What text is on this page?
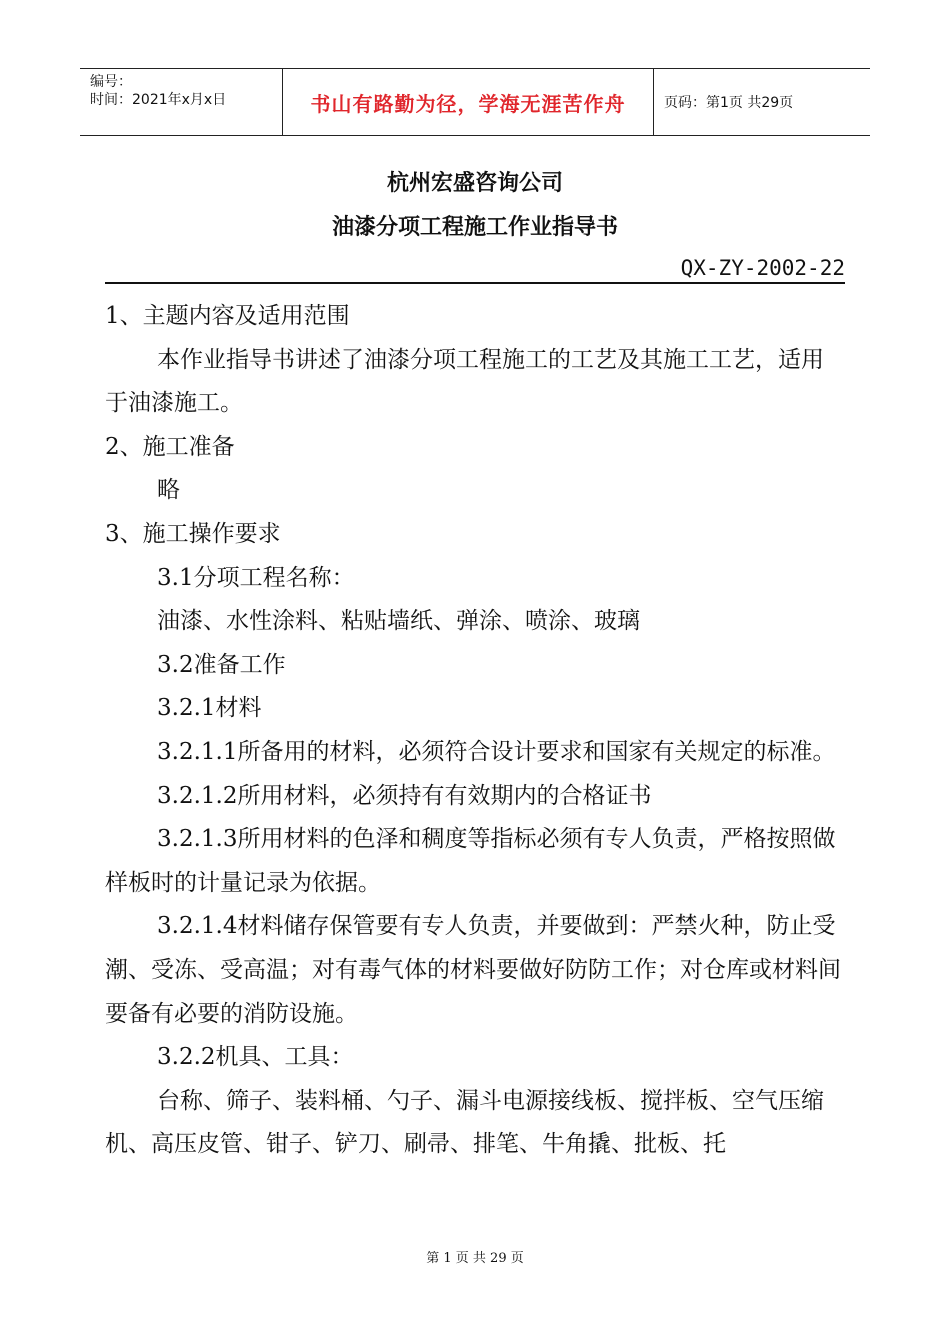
编号：
时间：2021年x月x日	书山有路勤为径，学海无涯苦作舟	页码：第1页 共29页
杭州宏盛咨询公司
油漆分项工程施工作业指导书
QX-ZY-2002-22

1、主题内容及适用范围

本作业指导书讲述了油漆分项工程施工的工艺及其施工工艺，适用于油漆施工。

2、施工准备

略

3、施工操作要求

3.1分项工程名称：

油漆、水性涂料、粘贴墙纸、弹涂、喷涂、玻璃

3.2准备工作

3.2.1材料

3.2.1.1所备用的材料，必须符合设计要求和国家有关规定的标准。

3.2.1.2所用材料，必须持有有效期内的合格证书

3.2.1.3所用材料的色泽和稠度等指标必须有专人负责，严格按照做样板时的计量记录为依据。

3.2.1.4材料储存保管要有专人负责，并要做到：严禁火种，防止受潮、受冻、受高温；对有毒气体的材料要做好防防工作；对仓库或材料间要备有必要的消防设施。

3.2.2机具、工具：

台称、筛子、装料桶、勺子、漏斗电源接线板、搅拌板、空气压缩机、高压皮管、钳子、铲刀、刷帚、排笔、牛角撬、批板、托

第 1 页 共 29 页
